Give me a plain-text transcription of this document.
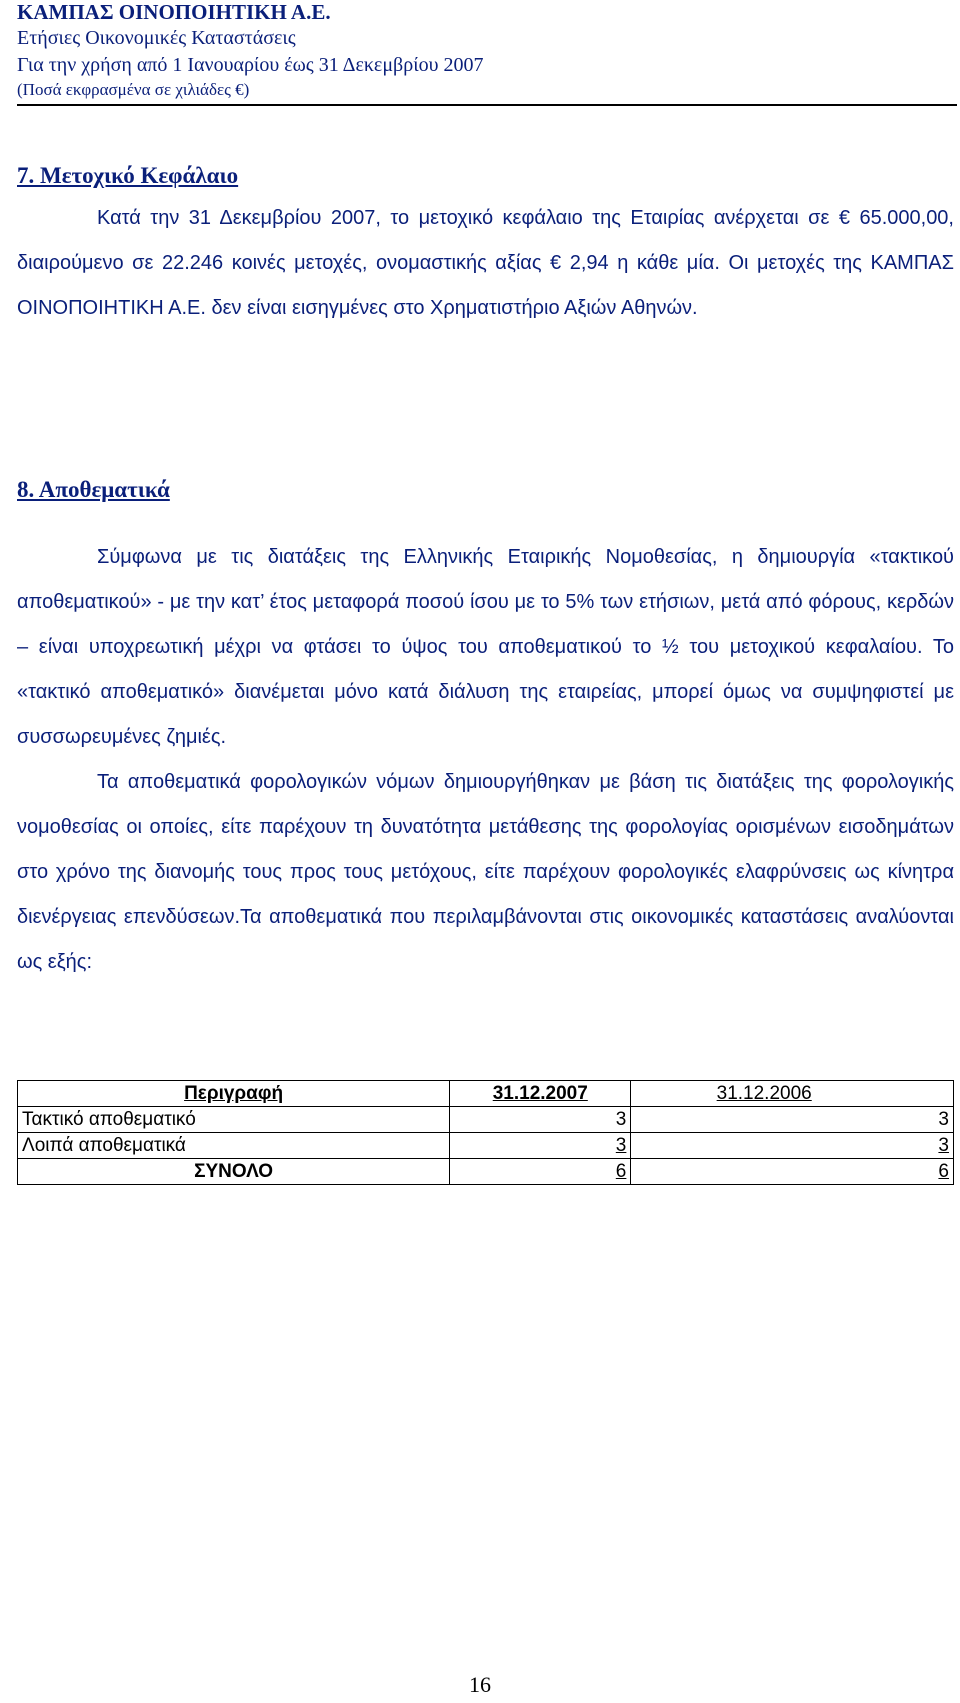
ΚΑΜΠΑΣ ΟΙΝΟΠΟΙΗΤΙΚΗ Α.Ε.
Ετήσιες Οικονομικές Καταστάσεις
Για την χρήση από 1 Ιανουαρίου έως 31 Δεκεμβρίου 2007
(Ποσά εκφρασμένα σε χιλιάδες €)
7. Μετοχικό Κεφάλαιο

Κατά την 31 Δεκεμβρίου 2007, το μετοχικό κεφάλαιο της Εταιρίας ανέρχεται σε € 65.000,00, διαιρούμενο σε 22.246 κοινές μετοχές, ονομαστικής αξίας € 2,94 η κάθε μία. Οι μετοχές της ΚΑΜΠΑΣ ΟΙΝΟΠΟΙΗΤΙΚΗ Α.Ε. δεν είναι εισηγμένες στο Χρηματιστήριο Αξιών Αθηνών.

8. Αποθεματικά

Σύμφωνα με τις διατάξεις της Ελληνικής Εταιρικής Νομοθεσίας, η δημιουργία «τακτικού αποθεματικού» - με την κατ’ έτος μεταφορά ποσού ίσου με το 5% των ετήσιων, μετά από φόρους, κερδών – είναι υποχρεωτική μέχρι να φτάσει το ύψος του αποθεματικού το ½ του μετοχικού κεφαλαίου. Το «τακτικό αποθεματικό» διανέμεται μόνο κατά διάλυση της εταιρείας, μπορεί όμως να συμψηφιστεί με συσσωρευμένες ζημιές.

Τα αποθεματικά φορολογικών νόμων δημιουργήθηκαν με βάση τις διατάξεις της φορολογικής νομοθεσίας οι οποίες, είτε παρέχουν τη δυνατότητα μετάθεσης της φορολογίας ορισμένων εισοδημάτων στο χρόνο της διανομής τους προς τους μετόχους, είτε παρέχουν φορολογικές ελαφρύνσεις ως κίνητρα διενέργειας επενδύσεων.Τα αποθεματικά που περιλαμβάνονται στις οικονομικές καταστάσεις αναλύονται ως εξής:

Περιγραφή	31.12.2007	31.12.2006
Τακτικό αποθεματικό	3	3
Λοιπά αποθεματικά	3	3
ΣΥΝΟΛΟ	6	6
16
